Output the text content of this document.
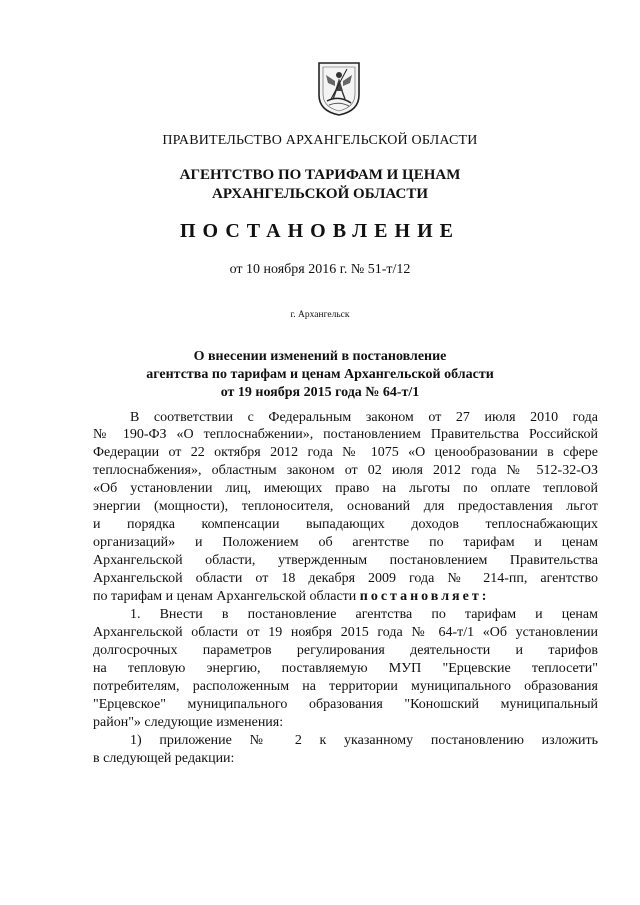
ПРАВИТЕЛЬСТВО АРХАНГЕЛЬСКОЙ ОБЛАСТИ
АГЕНТСТВО ПО ТАРИФАМ И ЦЕНАМ
АРХАНГЕЛЬСКОЙ ОБЛАСТИ
ПОСТАНОВЛЕНИЕ
от 10 ноября 2016 г. № 51-т/12
г. Архангельск
О внесении изменений в постановление
агентства по тарифам и ценам Архангельской области
от 19 ноября 2015 года № 64-т/1
В соответствии с Федеральным законом от 27 июля 2010 года
№ 190-ФЗ «О теплоснабжении», постановлением Правительства Российской
Федерации от 22 октября 2012 года № 1075 «О ценообразовании в сфере
теплоснабжения», областным законом от 02 июля 2012 года № 512-32-ОЗ
«Об установлении лиц, имеющих право на льготы по оплате тепловой
энергии (мощности), теплоносителя, оснований для предоставления льгот
и порядка компенсации выпадающих доходов теплоснабжающих
организаций» и Положением об агентстве по тарифам и ценам
Архангельской области, утвержденным постановлением Правительства
Архангельской области от 18 декабря 2009 года № 214-пп, агентство
по тарифам и ценам Архангельской области постановляет:
1. Внести в постановление агентства по тарифам и ценам
Архангельской области от 19 ноября 2015 года № 64-т/1 «Об установлении
долгосрочных параметров регулирования деятельности и тарифов
на тепловую энергию, поставляемую МУП "Ерцевские теплосети"
потребителям, расположенным на территории муниципального образования
"Ерцевское" муниципального образования "Коношский муниципальный
район"» следующие изменения:
1) приложение № 2 к указанному постановлению изложить
в следующей редакции:
